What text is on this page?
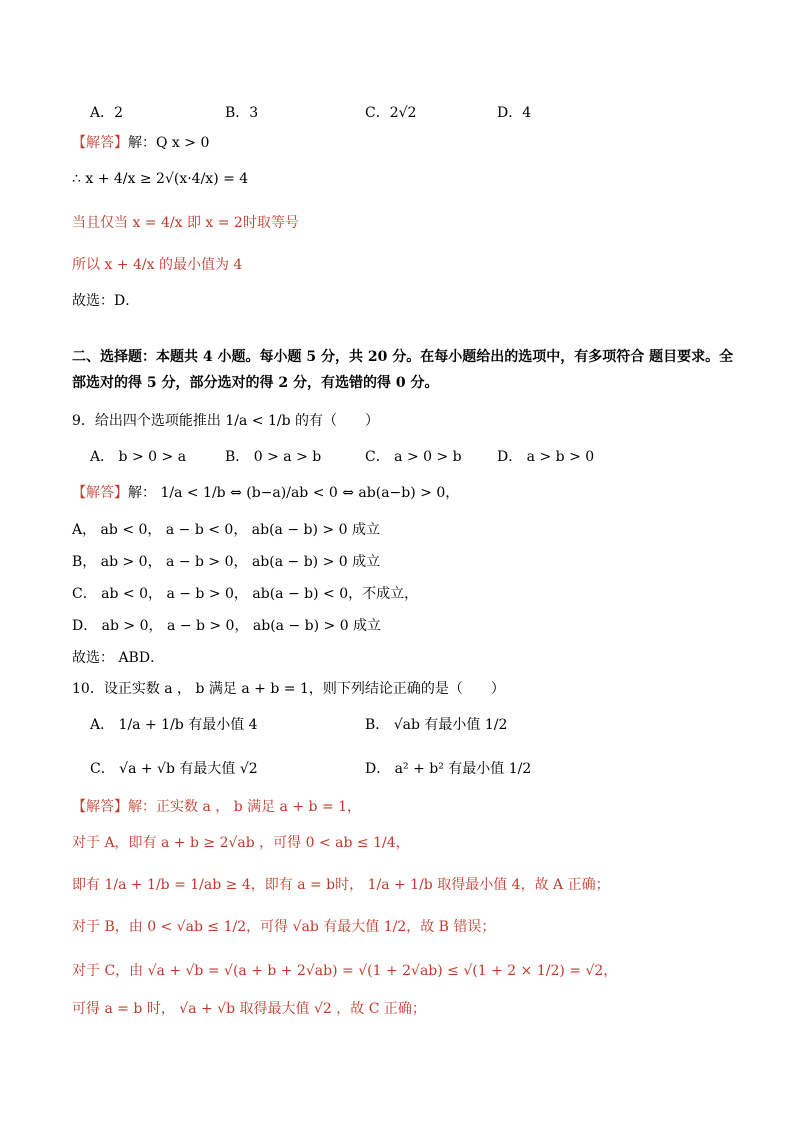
A．2	B．3	C．2√2	D．4
【解答】解：Q x > 0
∴ x + 4/x ≥ 2√(x·4/x) = 4
当且仅当 x = 4/x 即 x = 2时取等号
所以 x + 4/x 的最小值为 4
故选：D．
二、选择题：本题共 4 小题。每小题 5 分，共 20 分。在每小题给出的选项中，有多项符合 题目要求。全
部选对的得 5 分，部分选对的得 2 分，有选错的得 0 分。
9．给出四个选项能推出 1/a < 1/b 的有（　　）
A． b > 0 > a	B． 0 > a > b	C． a > 0 > b	D． a > b > 0
【解答】解： 1/a < 1/b ⇔ (b−a)/ab < 0 ⇔ ab(a−b) > 0，
A， ab < 0， a − b < 0， ab(a − b) > 0 成立
B， ab > 0， a − b > 0， ab(a − b) > 0 成立
C． ab < 0， a − b > 0， ab(a − b) < 0，不成立，
D． ab > 0， a − b > 0， ab(a − b) > 0 成立
故选： ABD．
10．设正实数 a ， b 满足 a + b = 1，则下列结论正确的是（　　）
A． 1/a + 1/b 有最小值 4	B． √ab 有最小值 1/2
C． √a + √b 有最大值 √2	D． a² + b² 有最小值 1/2
【解答】解：正实数 a ， b 满足 a + b = 1，
对于 A，即有 a + b ≥ 2√ab ，可得 0 < ab ≤ 1/4，
即有 1/a + 1/b = 1/ab ≥ 4，即有 a = b时， 1/a + 1/b 取得最小值 4，故 A 正确；
对于 B，由 0 < √ab ≤ 1/2，可得 √ab 有最大值 1/2，故 B 错误；
对于 C，由 √a + √b = √(a + b + 2√ab) = √(1 + 2√ab) ≤ √(1 + 2 × 1/2) = √2，
可得 a = b 时， √a + √b 取得最大值 √2 ，故 C 正确；
